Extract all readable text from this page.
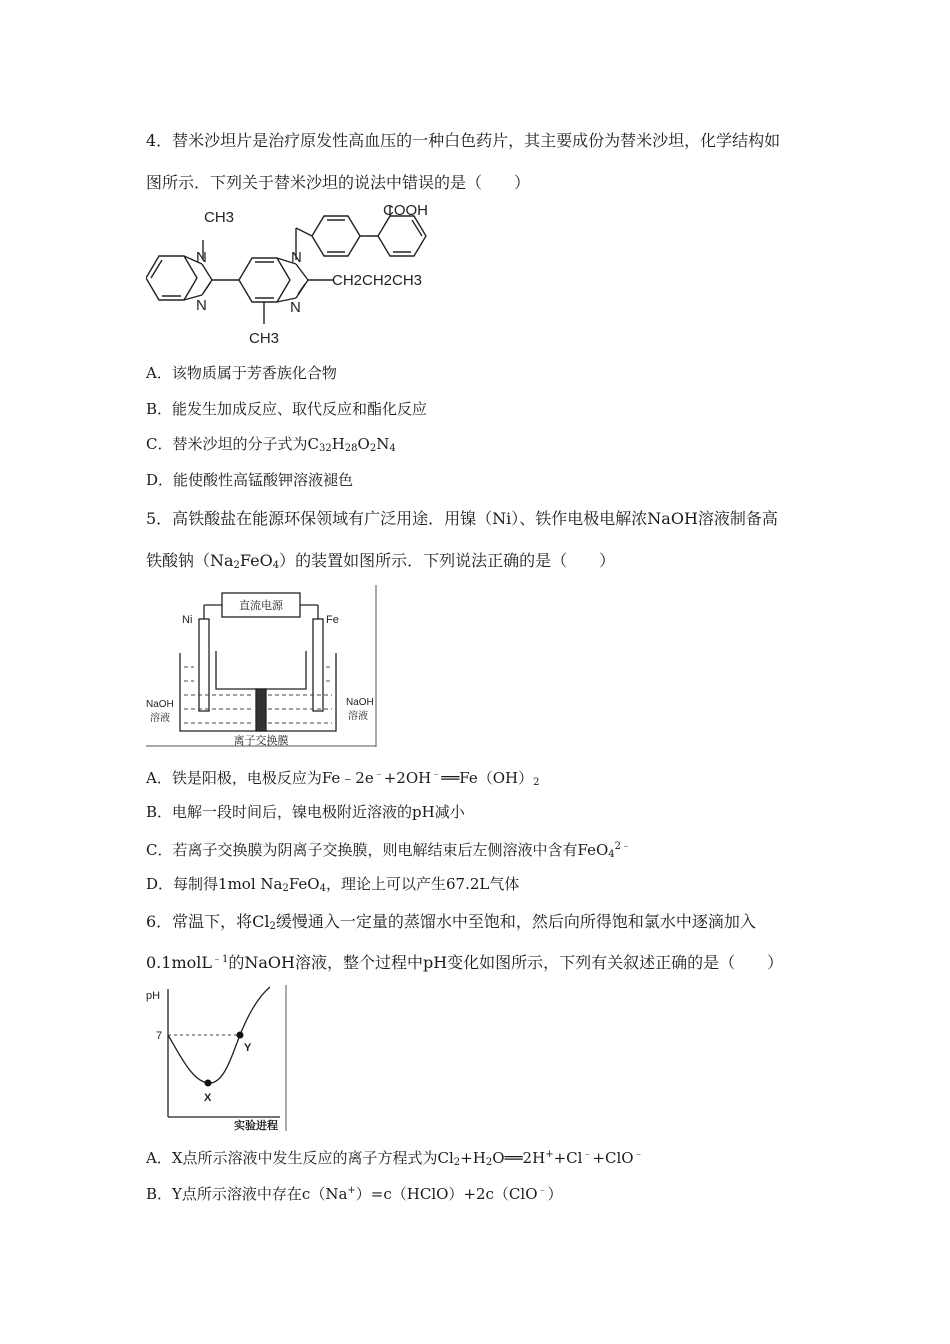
4．替米沙坦片是治疗原发性高血压的一种白色药片，其主要成份为替米沙坦，化学结构如
图所示．下列关于替米沙坦的说法中错误的是（　　）
COOH
CH3
N
N
N
N
CH2CH2CH3
CH3
A．该物质属于芳香族化合物
B．能发生加成反应、取代反应和酯化反应
C．替米沙坦的分子式为$C_{32}H_{28}O_2N_4$
D．能使酸性高锰酸钾溶液褪色
5．高铁酸盐在能源环保领域有广泛用途．用镍（Ni）、铁作电极电解浓NaOH溶液制备高
铁酸钠$(Na_2FeO_4)$的装置如图所示．下列说法正确的是（　　）
直流电源
Ni	Fe
NaOH
溶液
NaOH
溶液
离子交换膜
A．铁是阳极，电极反应为$Fe﹣2e^﹣+2OH^﹣══Fe(OH)_2$
B．电解一段时间后，镍电极附近溶液的pH减小
C．若离子交换膜为阴离子交换膜，则电解结束后左侧溶液中含有FeO$_4^{2﹣}$
D．每制得1mol $Na_2FeO_4$，理论上可以产生67.2L气体
6．常温下，将$Cl_2$缓慢通入一定量的蒸馏水中至饱和，然后向所得饱和氯水中逐滴加入
0.1molL$^{﹣1}$的NaOH溶液，整个过程中pH变化如图所示，下列有关叙述正确的是（　　）
pH
7
X
Y
实验进程
A．X点所示溶液中发生反应的离子方程式为$Cl_2+H_2O══2H^++Cl^﹣+ClO^﹣$
B．Y点所示溶液中存在c（Na+）=c（HClO）+2c（ClO﹣）
